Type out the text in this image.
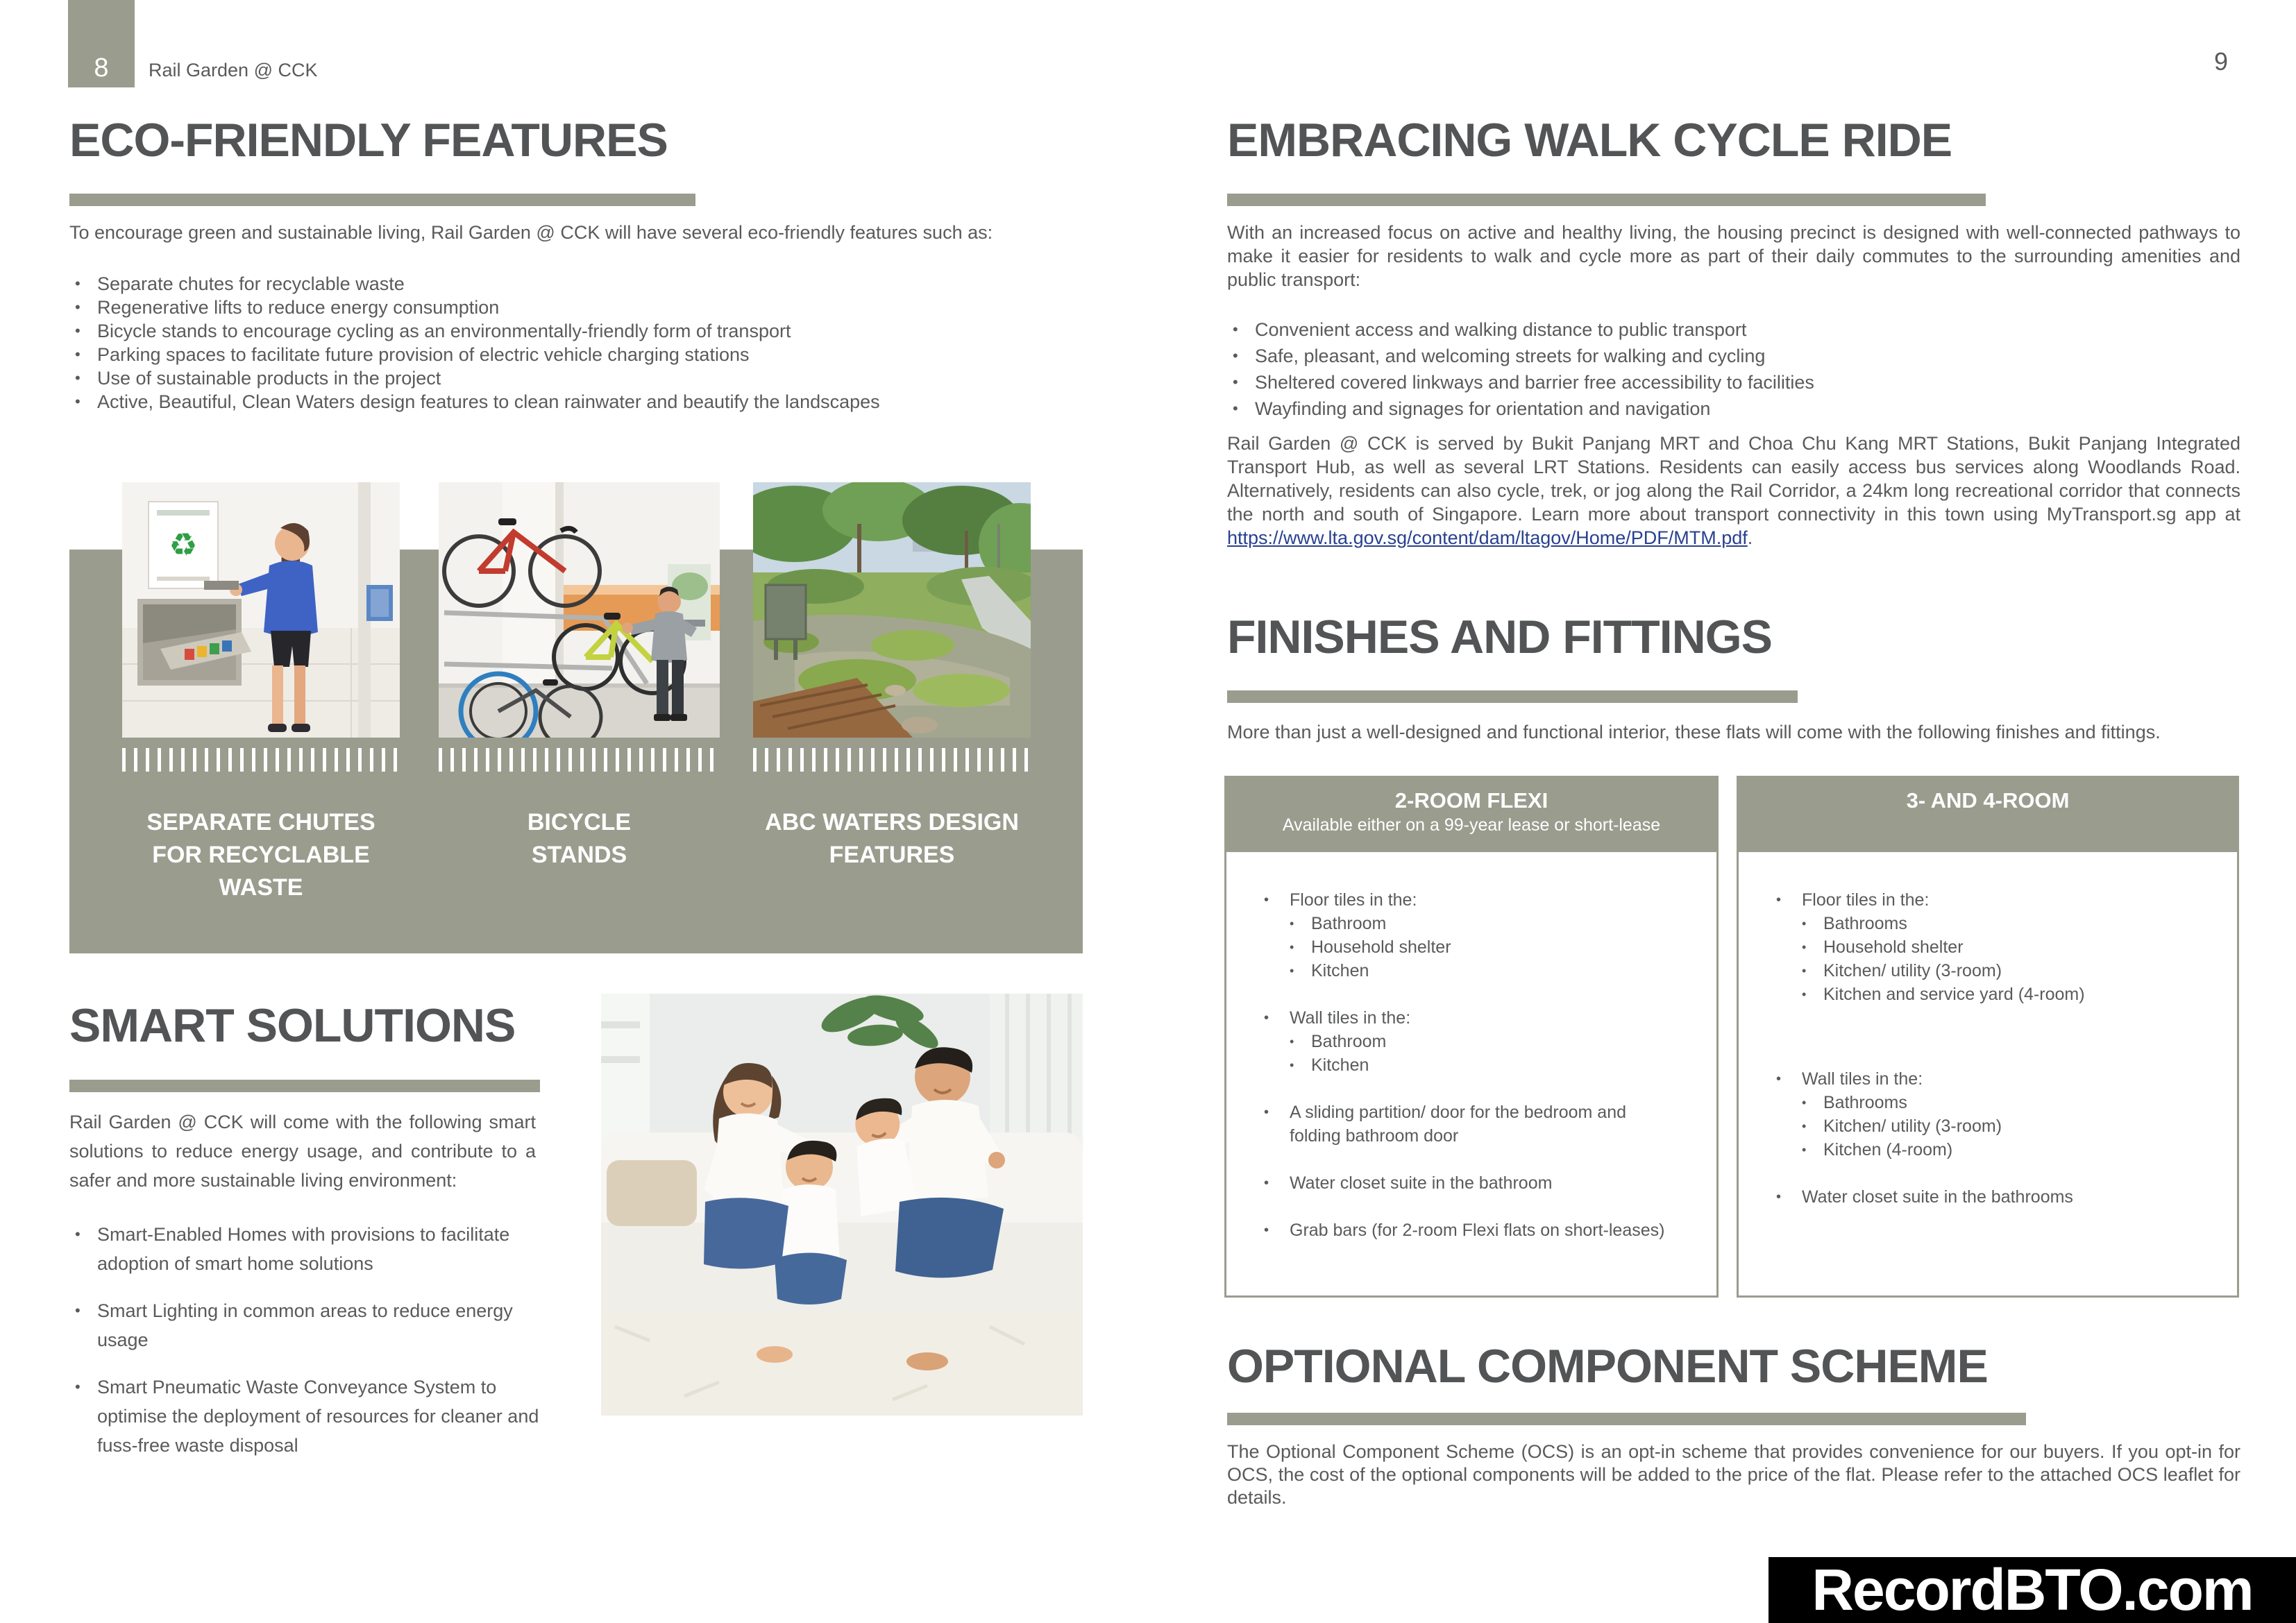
8 Rail Garden @ CCK
ECO-FRIENDLY FEATURES
To encourage green and sustainable living, Rail Garden @ CCK will have several eco-friendly features such as:
• Separate chutes for recyclable waste
• Regenerative lifts to reduce energy consumption
• Bicycle stands to encourage cycling as an environmentally-friendly form of transport
• Parking spaces to facilitate future provision of electric vehicle charging stations
• Use of sustainable products in the project
• Active, Beautiful, Clean Waters design features to clean rainwater and beautify the landscapes
♻
SEPARATE CHUTES
FOR RECYCLABLE
WASTE
BICYCLE
STANDS
ABC WATERS DESIGN
FEATURES
SMART SOLUTIONS
Rail Garden @ CCK will come with the following smart solutions to reduce energy usage, and contribute to a safer and more sustainable living environment:
• Smart-Enabled Homes with provisions to facilitate adoption of smart home solutions
• Smart Lighting in common areas to reduce energy usage
• Smart Pneumatic Waste Conveyance System to optimise the deployment of resources for cleaner and fuss-free waste disposal
9
EMBRACING WALK CYCLE RIDE
With an increased focus on active and healthy living, the housing precinct is designed with well-connected pathways to make it easier for residents to walk and cycle more as part of their daily commutes to the surrounding amenities and public transport:
• Convenient access and walking distance to public transport
• Safe, pleasant, and welcoming streets for walking and cycling
• Sheltered covered linkways and barrier free accessibility to facilities
• Wayfinding and signages for orientation and navigation
Rail Garden @ CCK is served by Bukit Panjang MRT and Choa Chu Kang MRT Stations, Bukit Panjang Integrated Transport Hub, as well as several LRT Stations. Residents can easily access bus services along Woodlands Road. Alternatively, residents can also cycle, trek, or jog along the Rail Corridor, a 24km long recreational corridor that connects the north and south of Singapore. Learn more about transport connectivity in this town using MyTransport.sg app at https://www.lta.gov.sg/content/dam/ltagov/Home/PDF/MTM.pdf.
FINISHES AND FITTINGS
More than just a well-designed and functional interior, these flats will come with the following finishes and fittings.
2-ROOM FLEXI
Available either on a 99-year lease or short-lease
• Floor tiles in the:
• Bathroom
• Household shelter
• Kitchen
• Wall tiles in the:
• Bathroom
• Kitchen
• A sliding partition/ door for the bedroom and folding bathroom door
• Water closet suite in the bathroom
• Grab bars (for 2-room Flexi flats on short-leases)
3- AND 4-ROOM
• Floor tiles in the:
• Bathrooms
• Household shelter
• Kitchen/ utility (3-room)
• Kitchen and service yard (4-room)
• Wall tiles in the:
• Bathrooms
• Kitchen/ utility (3-room)
• Kitchen (4-room)
• Water closet suite in the bathrooms
OPTIONAL COMPONENT SCHEME
The Optional Component Scheme (OCS) is an opt-in scheme that provides convenience for our buyers. If you opt-in for OCS, the cost of the optional components will be added to the price of the flat. Please refer to the attached OCS leaflet for details.
RecordBTO.com
